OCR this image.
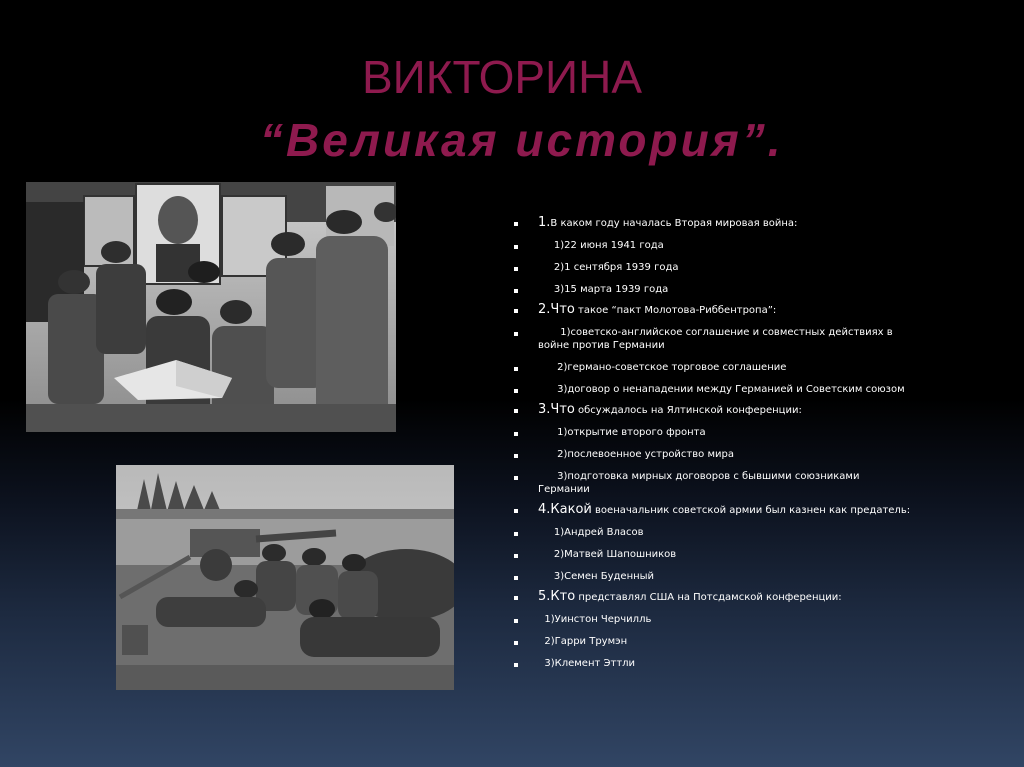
ВИКТОРИНА
“Великая история”.
1.В каком году началась Вторая мировая война:
1)22 июня 1941 года
2)1 сентября 1939 года
3)15 марта 1939 года
2.Что такое “пакт Молотова-Риббентропа”:
1)советско-английское соглашение и совместных действиях в войне против Германии
2)германо-советское торговое соглашение
3)договор о ненападении между Германией и Советским союзом
3.Что обсуждалось на Ялтинской конференции:
1)открытие второго фронта
2)послевоенное устройство мира
3)подготовка мирных договоров с бывшими союзниками Германии
4.Какой военачальник советской армии был казнен как предатель:
1)Андрей Власов
2)Матвей Шапошников
3)Семен Буденный
5.Кто представлял США на Потсдамской конференции:
1)Уинстон Черчилль
2)Гарри Трумэн
3)Клемент Эттли
